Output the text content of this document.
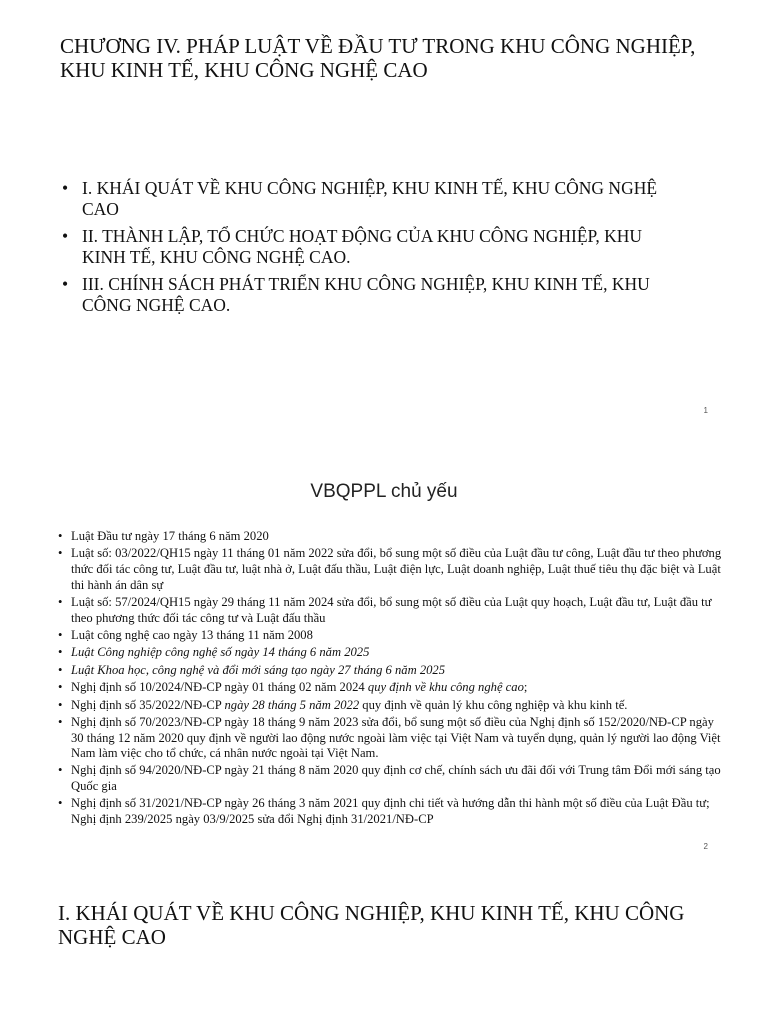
CHƯƠNG IV. PHÁP LUẬT VỀ ĐẦU TƯ TRONG KHU CÔNG NGHIỆP, KHU KINH TẾ, KHU CÔNG NGHỆ CAO
• I. KHÁI QUÁT VỀ KHU CÔNG NGHIỆP, KHU KINH TẾ, KHU CÔNG NGHỆ CAO
• II. THÀNH LẬP, TỔ CHỨC HOẠT ĐỘNG CỦA KHU CÔNG NGHIỆP, KHU KINH TẾ, KHU CÔNG NGHỆ CAO.
• III. CHÍNH SÁCH PHÁT TRIỂN KHU CÔNG NGHIỆP, KHU KINH TẾ, KHU CÔNG NGHỆ CAO.
1
VBQPPL chủ yếu
• Luật Đầu tư ngày 17 tháng 6 năm 2020
• Luật số: 03/2022/QH15 ngày 11 tháng 01 năm 2022 sửa đổi, bổ sung một số điều của Luật đầu tư công, Luật đầu tư theo phương thức đối tác công tư, Luật đầu tư, luật nhà ở, Luật đấu thầu, Luật điện lực, Luật doanh nghiệp, Luật thuế tiêu thụ đặc biệt và Luật thi hành án dân sự
• Luật số: 57/2024/QH15 ngày 29 tháng 11 năm 2024 sửa đổi, bổ sung một số điều của Luật quy hoạch, Luật đầu tư, Luật đầu tư theo phương thức đối tác công tư và Luật đấu thầu
• Luật công nghệ cao ngày 13 tháng 11 năm 2008
• Luật Công nghiệp công nghệ số ngày 14 tháng 6 năm 2025
• Luật Khoa học, công nghệ và đổi mới sáng tạo ngày 27 tháng 6 năm 2025
• Nghị định số 10/2024/NĐ-CP ngày 01 tháng 02 năm 2024 quy định về khu công nghệ cao;
• Nghị định số 35/2022/NĐ-CP ngày 28 tháng 5 năm 2022 quy định về quản lý khu công nghiệp và khu kinh tế.
• Nghị định số 70/2023/NĐ-CP ngày 18 tháng 9 năm 2023 sửa đổi, bổ sung một số điều của Nghị định số 152/2020/NĐ-CP ngày 30 tháng 12 năm 2020 quy định về người lao động nước ngoài làm việc tại Việt Nam và tuyển dụng, quản lý người lao động Việt Nam làm việc cho tổ chức, cá nhân nước ngoài tại Việt Nam.
• Nghị định số 94/2020/NĐ-CP ngày 21 tháng 8 năm 2020 quy định cơ chế, chính sách ưu đãi đối với Trung tâm Đổi mới sáng tạo Quốc gia
• Nghị định số 31/2021/NĐ-CP ngày 26 tháng 3 năm 2021 quy định chi tiết và hướng dẫn thi hành một số điều của Luật Đầu tư; Nghị định 239/2025 ngày 03/9/2025 sửa đổi Nghị định 31/2021/NĐ-CP
2
I. KHÁI QUÁT VỀ KHU CÔNG NGHIỆP, KHU KINH TẾ, KHU CÔNG NGHỆ CAO
